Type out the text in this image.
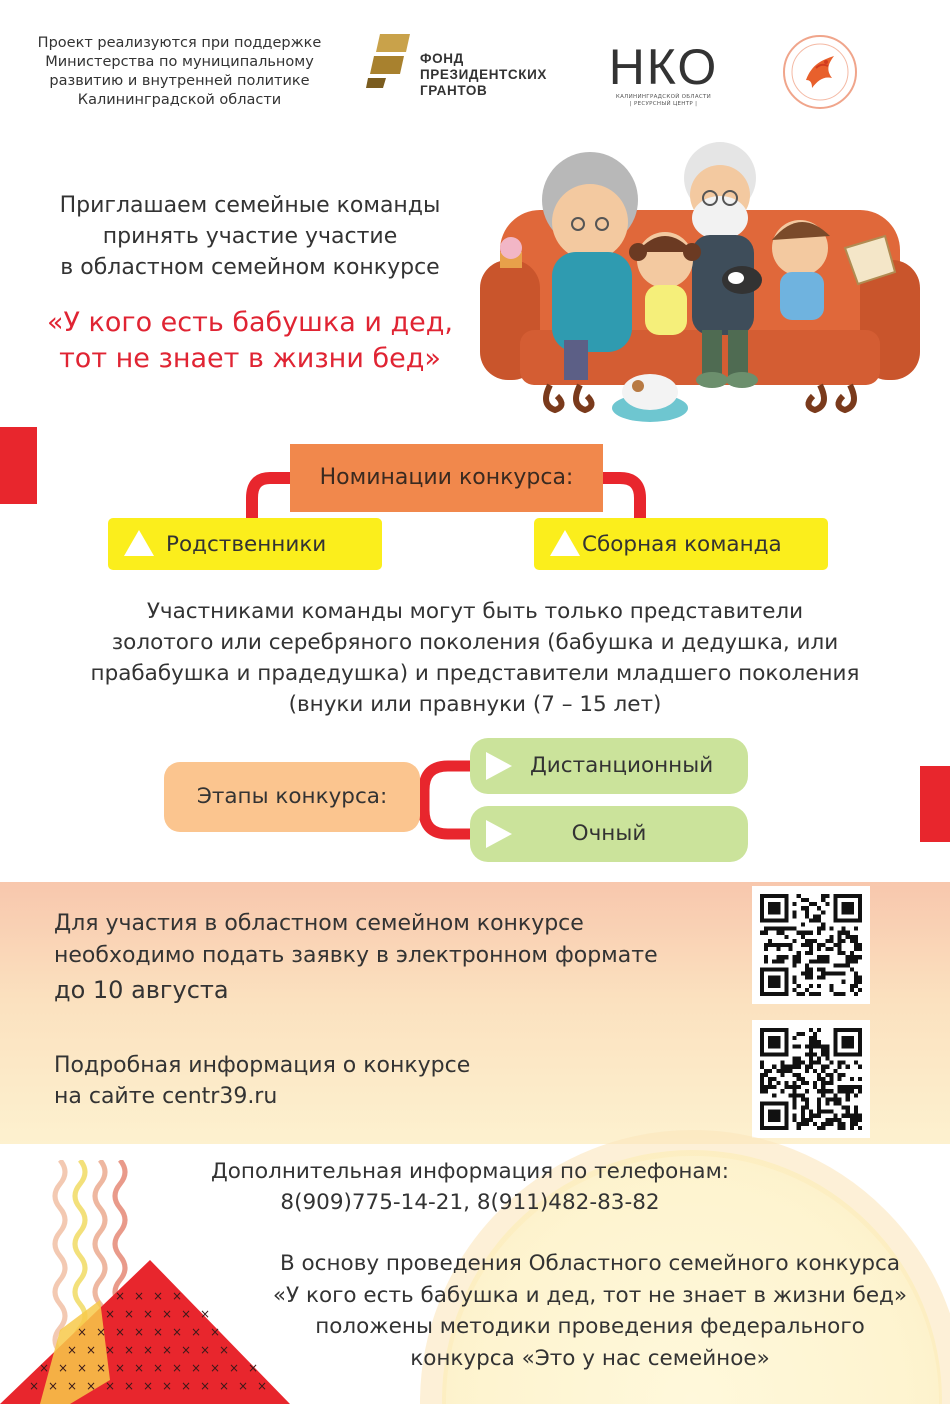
Проект реализуются при поддержке
Министерства по муниципальному
развитию и внутренней политике
Калининградской области
ФОНД
ПРЕЗИДЕНТСКИХ
ГРАНТОВ	НКО
КАЛИНИНГРАДСКОЙ ОБЛАСТИ
| РЕСУРСНЫЙ ЦЕНТР |
Приглашаем семейные команды
принять участие участие
в областном семейном конкурсе
«У кого есть бабушка и дед,
тот не знает в жизни бед»
Номинации конкурса:
Родственники	Сборная команда
Участниками команды могут быть только представители
золотого или серебряного поколения (бабушка и дедушка, или
прабабушка и прадедушка) и представители младшего поколения
(внуки или правнуки (7 – 15 лет)
Этапы конкурса:
Дистанционный
Очный
Для участия в областном семейном конкурсе
необходимо подать заявку в электронном формате
до 10 августа
Подробная информация о конкурсе
на сайте centr39.ru
× × × ×
× × × × × ×
× × × × × × × ×
× × × × × × × × ×
× × × × × × × × × × × ×
× × × × × × × × × × × × ×
Дополнительная информация по телефонам:
8(909)775-14-21, 8(911)482-83-82
В основу проведения Областного семейного конкурса
«У кого есть бабушка и дед, тот не знает в жизни бед»
положены методики проведения федерального
конкурса «Это у нас семейное»
